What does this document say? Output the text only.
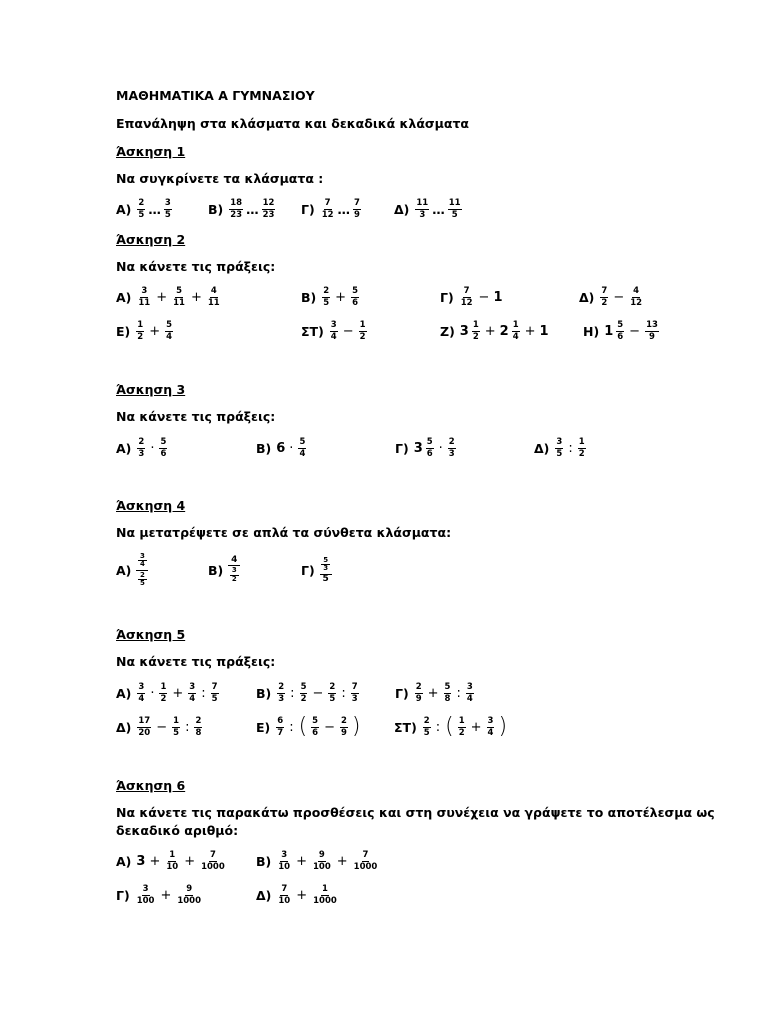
ΜΑΘΗΜΑΤΙΚΑ Α ΓΥΜΝΑΣΙΟΥ
Επανάληψη στα κλάσματα και δεκαδικά κλάσματα
Άσκηση 1
Να συγκρίνετε τα κλάσματα :
Α) 2
5 … 3
5	Β) 18
23 … 12
23 Γ) 7
12 … 7
9	Δ) 11
3 … 11
5
Άσκηση 2
Να κάνετε τις πράξεις:
Α) 3
$11 + \frac{5}{11} + \frac{4}{11}$	Β) 2
$5 + \frac{5}{6}$	Γ) 7
12 − 1	Δ) 7
$2 - \frac{4}{12}$
Ε) 1
$2 + \frac{5}{4}$	ΣΤ) 3
$4 - \frac{1}{2}$	Ζ) 3 1
2 + 2 1
4 + 1	Η) 1 5
$6 - \frac{13}{9}$
Άσκηση 3
Να κάνετε τις πράξεις:
Α) 2
3 · 5
6	Β) 6 · 5
4	Γ) 3 5
6 · 2
3	Δ) 3
5 : 1
2
Άσκηση 4
Να μετατρέψετε σε απλά τα σύνθετα κλάσματα:
Α)
3
4
2
5
Β)
4
3
2
Γ)
5
3
5
Άσκηση 5
Να κάνετε τις πράξεις:
Α) 3
4 · 1
$2 + \frac{3}{4}$ : 7
5	Β) 2
3 : 5
$2 - \frac{2}{5}$ : 7
3	Γ) 2
$9 + \frac{5}{8}$ : 3
4
Δ) 17
$20 - \frac{1}{5}$ : 2
8	Ε) 6
7 : ( 5
$6 - \frac{2}{9}$ )	ΣΤ) 2
5 : ( 1
$2 + \frac{3}{4}$ )
Άσκηση 6
Να κάνετε τις παρακάτω προσθέσεις και στη συνέχεια να γράψετε το αποτέλεσμα ως
δεκαδικό αριθμό:
Α) $3 + \frac{1}{10} + \frac{7}{1000} B$) 3
$10 + \frac{9}{100} + \frac{7}{1000}$
Γ) 3
$100 + \frac{9}{1000}$	Δ) 7
$10 + \frac{1}{1000}$
